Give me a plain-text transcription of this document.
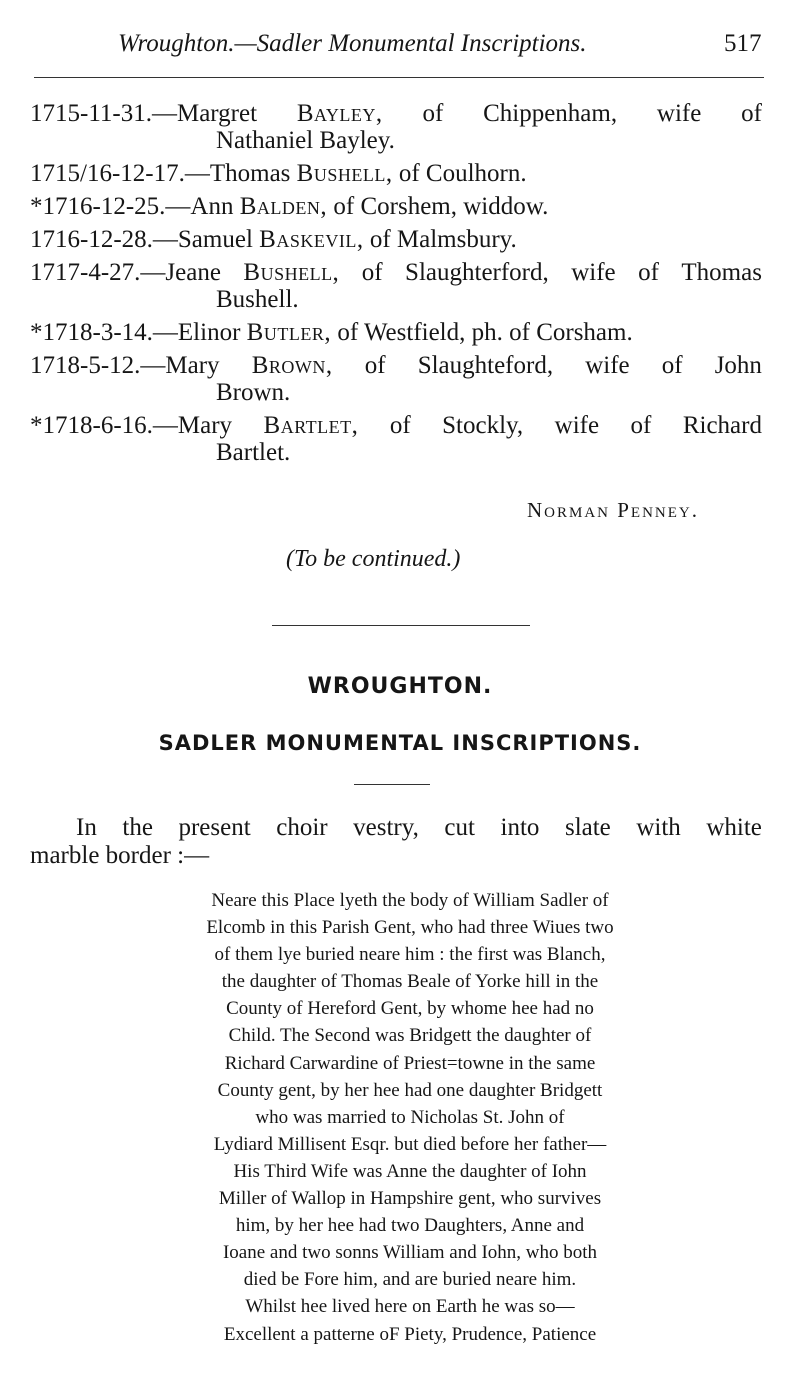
Wroughton.—Sadler Monumental Inscriptions.	517
1715-11-31.—Margret Bayley, of Chippenham, wife of
Nathaniel Bayley.
1715/16-12-17.— Thomas
Bushell,
of Coulhorn.
*1716-12-25.— Ann
Balden,
of Corshem, widdow.
1716-12-28.— Samuel
Baskevil,
of Malmsbury.
1717-4-27.—Jeane Bushell, of Slaughterford, wife of Thomas
Bushell.
*1718-3-14.— Elinor
Butler,
of Westfield, ph. of Corsham.
1718-5-12.—Mary Brown, of Slaughteford, wife of John
Brown.
*1718-6-16.—Mary Bartlet, of Stockly, wife of Richard
Bartlet.
Norman Penney.
(To be continued.)
WROUGHTON.
SADLER MONUMENTAL INSCRIPTIONS.
In the present choir vestry, cut into slate with white
marble border :—
Neare this Place lyeth the body of William Sadler of
Elcomb in this Parish Gent, who had three Wiues two
of them lye buried neare him : the first was Blanch,
the daughter of Thomas Beale of Yorke hill in the
County of Hereford Gent, by whome hee had no
Child. The Second was Bridgett the daughter of
Richard Carwardine of Priest=towne in the same
County gent, by her hee had one daughter Bridgett
who was married to Nicholas St. John of
Lydiard Millisent Esqr. but died before her father—
His Third Wife was Anne the daughter of Iohn
Miller of Wallop in Hampshire gent, who survives
him, by her hee had two Daughters, Anne and
Ioane and two sonns William and Iohn, who both
died be Fore him, and are buried neare him.
Whilst hee lived here on Earth he was so—
Excellent a patterne oF Piety, Prudence, Patience
